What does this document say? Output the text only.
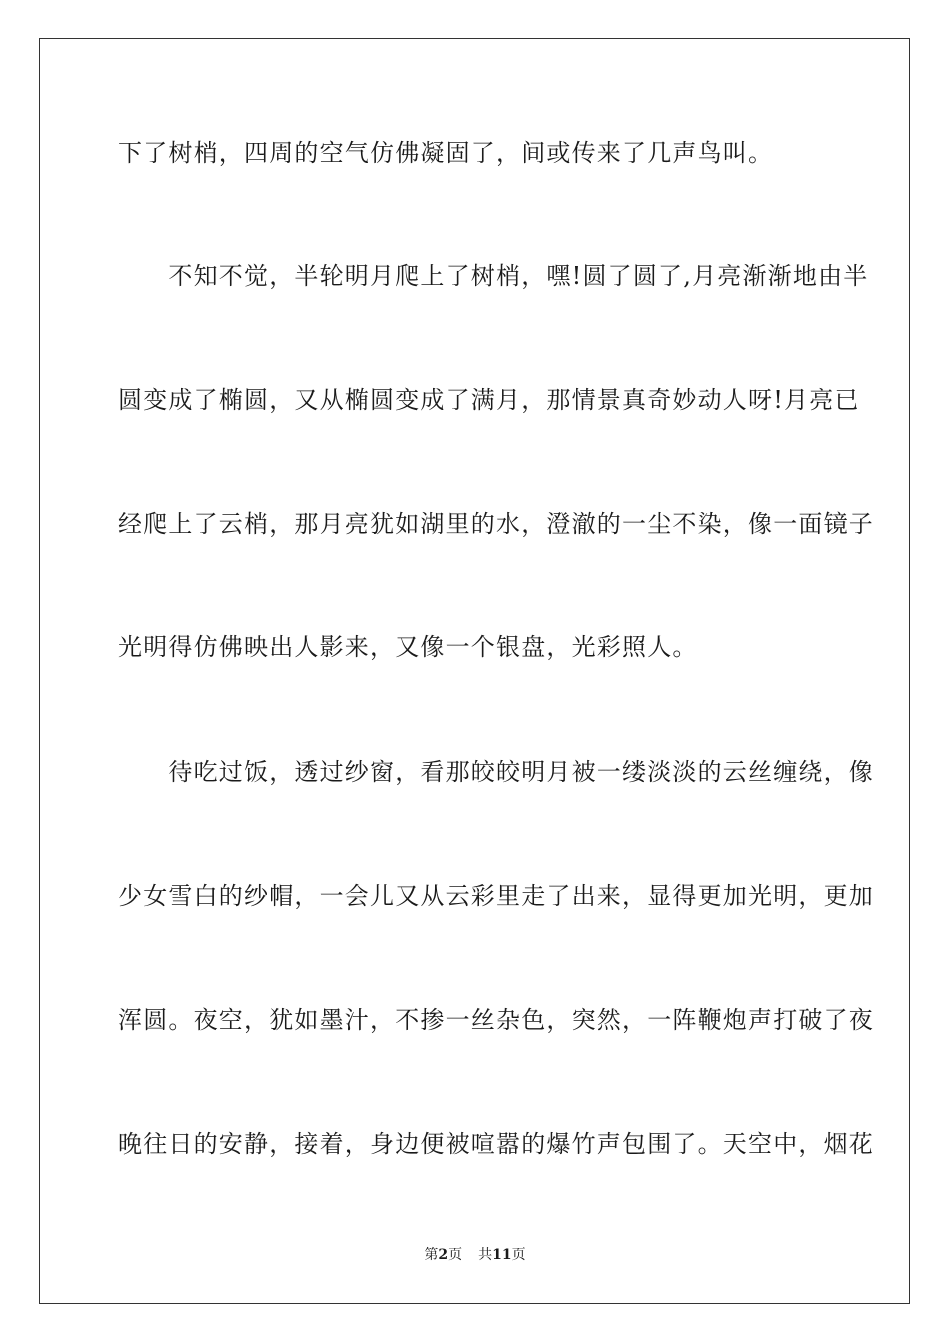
下了树梢，四周的空气仿佛凝固了，间或传来了几声鸟叫。
　　不知不觉，半轮明月爬上了树梢，嘿!圆了圆了,月亮渐渐地由半
圆变成了椭圆，又从椭圆变成了满月，那情景真奇妙动人呀!月亮已
经爬上了云梢，那月亮犹如湖里的水，澄澈的一尘不染，像一面镜子
光明得仿佛映出人影来，又像一个银盘，光彩照人。
　　待吃过饭，透过纱窗，看那皎皎明月被一缕淡淡的云丝缠绕，像
少女雪白的纱帽，一会儿又从云彩里走了出来，显得更加光明，更加
浑圆。夜空，犹如墨汁，不掺一丝杂色，突然，一阵鞭炮声打破了夜
晚往日的安静，接着，身边便被喧嚣的爆竹声包围了。天空中，烟花
第2页 共11页
